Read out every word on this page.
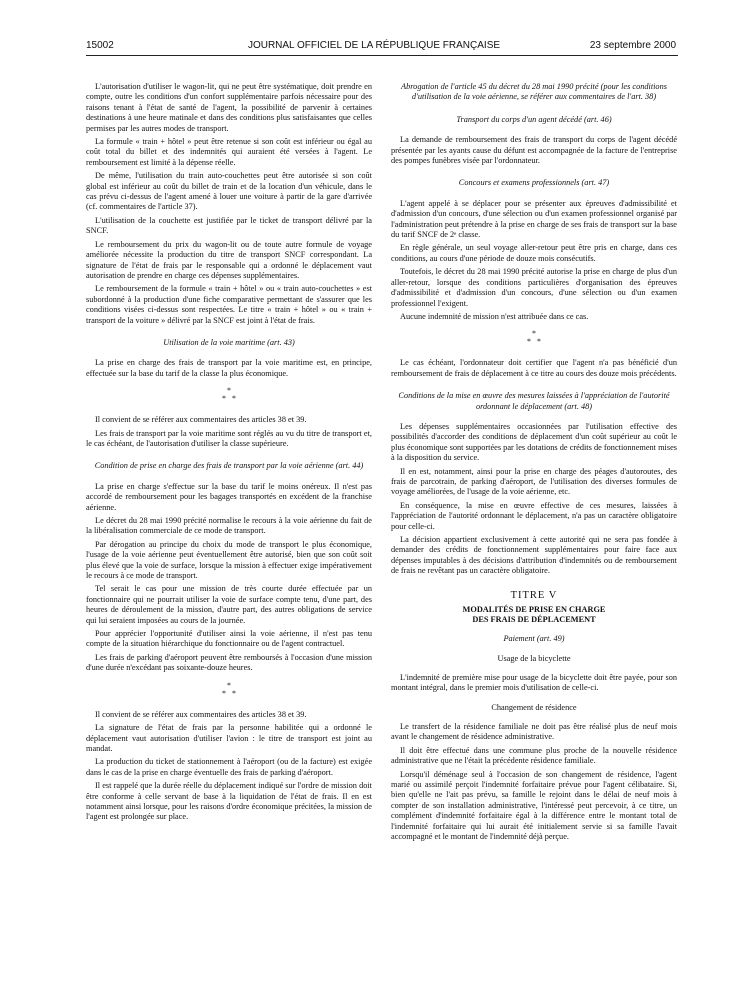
15002	JOURNAL OFFICIEL DE LA RÉPUBLIQUE FRANÇAISE	23 septembre 2000

L'autorisation d'utiliser le wagon-lit, qui ne peut être systématique, doit prendre en compte, outre les conditions d'un confort supplémentaire parfois nécessaire pour des raisons tenant à l'état de santé de l'agent, la possibilité de parvenir à certaines destinations à une heure matinale et dans des conditions plus satisfaisantes que celles permises par les autres modes de transport.

La formule « train + hôtel » peut être retenue si son coût est inférieur ou égal au coût total du billet et des indemnités qui auraient été versées à l'agent. Le remboursement est limité à la dépense réelle.

De même, l'utilisation du train auto-couchettes peut être autorisée si son coût global est inférieur au coût du billet de train et de la location d'un véhicule, dans le cas prévu ci-dessus de l'agent amené à louer une voiture à partir de la gare d'arrivée (cf. commentaires de l'article 37).

L'utilisation de la couchette est justifiée par le ticket de transport délivré par la SNCF.

Le remboursement du prix du wagon-lit ou de toute autre formule de voyage améliorée nécessite la production du titre de transport SNCF correspondant. La signature de l'état de frais par le responsable qui a ordonné le déplacement vaut autorisation de prendre en charge ces dépenses supplémentaires.

Le remboursement de la formule « train + hôtel » ou « train auto-couchettes » est subordonné à la production d'une fiche comparative permettant de s'assurer que les conditions visées ci-dessus sont respectées. Le titre « train + hôtel » ou « train + transport de la voiture » délivré par la SNCF est joint à l'état de frais.

Utilisation de la voie maritime (art. 43)

La prise en charge des frais de transport par la voie maritime est, en principe, effectuée sur la base du tarif de la classe la plus économique.

*
*   *

Il convient de se référer aux commentaires des articles 38 et 39.

Les frais de transport par la voie maritime sont réglés au vu du titre de transport et, le cas échéant, de l'autorisation d'utiliser la classe supérieure.

Condition de prise en charge des frais de transport par la voie aérienne (art. 44)

La prise en charge s'effectue sur la base du tarif le moins onéreux. Il n'est pas accordé de remboursement pour les bagages transportés en excédent de la franchise aérienne.

Le décret du 28 mai 1990 précité normalise le recours à la voie aérienne du fait de la libéralisation commerciale de ce mode de transport.

Par dérogation au principe du choix du mode de transport le plus économique, l'usage de la voie aérienne peut éventuellement être autorisé, bien que son coût soit plus élevé que la voie de surface, lorsque la mission à effectuer exige impérativement le recours à ce mode de transport.

Tel serait le cas pour une mission de très courte durée effectuée par un fonctionnaire qui ne pourrait utiliser la voie de surface compte tenu, d'une part, des heures de déroulement de la mission, d'autre part, des autres obligations de service qui lui seraient imposées au cours de la journée.

Pour apprécier l'opportunité d'utiliser ainsi la voie aérienne, il n'est pas tenu compte de la situation hiérarchique du fonctionnaire ou de l'agent contractuel.

Les frais de parking d'aéroport peuvent être remboursés à l'occasion d'une mission d'une durée n'excédant pas soixante-douze heures.

*
*   *

Il convient de se référer aux commentaires des articles 38 et 39.

La signature de l'état de frais par la personne habilitée qui a ordonné le déplacement vaut autorisation d'utiliser l'avion : le titre de transport est joint au mandat.

La production du ticket de stationnement à l'aéroport (ou de la facture) est exigée dans le cas de la prise en charge éventuelle des frais de parking d'aéroport.

Il est rappelé que la durée réelle du déplacement indiqué sur l'ordre de mission doit être conforme à celle servant de base à la liquidation de l'état de frais. Il en est notamment ainsi lorsque, pour les raisons d'ordre économique précitées, la mission de l'agent est prolongée sur place.

Abrogation de l'article 45 du décret du 28 mai 1990 précité (pour les conditions d'utilisation de la voie aérienne, se référer aux commentaires de l'art. 38)
Transport du corps d'un agent décédé (art. 46)

La demande de remboursement des frais de transport du corps de l'agent décédé présentée par les ayants cause du défunt est accompagnée de la facture de l'entreprise des pompes funèbres visée par l'ordonnateur.

Concours et examens professionnels (art. 47)

L'agent appelé à se déplacer pour se présenter aux épreuves d'admissibilité et d'admission d'un concours, d'une sélection ou d'un examen professionnel organisé par l'administration peut prétendre à la prise en charge de ses frais de transport sur la base du tarif SNCF de 2ᵉ classe.

En règle générale, un seul voyage aller-retour peut être pris en charge, dans ces conditions, au cours d'une période de douze mois consécutifs.

Toutefois, le décret du 28 mai 1990 précité autorise la prise en charge de plus d'un aller-retour, lorsque des conditions particulières d'organisation des épreuves d'admissibilité et d'admission d'un concours, d'une sélection ou d'un examen professionnel l'exigent.

Aucune indemnité de mission n'est attribuée dans ce cas.

*
*   *

Le cas échéant, l'ordonnateur doit certifier que l'agent n'a pas bénéficié d'un remboursement de frais de déplacement à ce titre au cours des douze mois précédents.

Conditions de la mise en œuvre des mesures laissées à l'appréciation de l'autorité ordonnant le déplacement (art. 48)

Les dépenses supplémentaires occasionnées par l'utilisation effective des possibilités d'accorder des conditions de déplacement d'un coût supérieur au coût le plus économique sont supportées par les dotations de crédits de fonctionnement mises à la disposition du service.

Il en est, notamment, ainsi pour la prise en charge des péages d'autoroutes, des frais de parcotrain, de parking d'aéroport, de l'utilisation des diverses formules de voyage améliorées, de l'usage de la voie aérienne, etc.

En conséquence, la mise en œuvre effective de ces mesures, laissées à l'appréciation de l'autorité ordonnant le déplacement, n'a pas un caractère obligatoire pour celle-ci.

La décision appartient exclusivement à cette autorité qui ne sera pas fondée à demander des crédits de fonctionnement supplémentaires pour faire face aux dépenses imputables à des décisions d'attribution d'indemnités ou de remboursement de frais ne revêtant pas un caractère obligatoire.

TITRE V
MODALITÉS DE PRISE EN CHARGE
DES FRAIS DE DÉPLACEMENT
Paiement (art. 49)
Usage de la bicyclette

L'indemnité de première mise pour usage de la bicyclette doit être payée, pour son montant intégral, dans le premier mois d'utilisation de celle-ci.

Changement de résidence

Le transfert de la résidence familiale ne doit pas être réalisé plus de neuf mois avant le changement de résidence administrative.

Il doit être effectué dans une commune plus proche de la nouvelle résidence administrative que ne l'était la précédente résidence familiale.

Lorsqu'il déménage seul à l'occasion de son changement de résidence, l'agent marié ou assimilé perçoit l'indemnité forfaitaire prévue pour l'agent célibataire. Si, bien qu'elle ne l'ait pas prévu, sa famille le rejoint dans le délai de neuf mois à compter de son installation administrative, l'intéressé peut percevoir, à ce titre, un complément d'indemnité forfaitaire égal à la différence entre le montant total de l'indemnité forfaitaire qui lui aurait été initialement servie si sa famille l'avait accompagné et le montant de l'indemnité déjà perçue.
